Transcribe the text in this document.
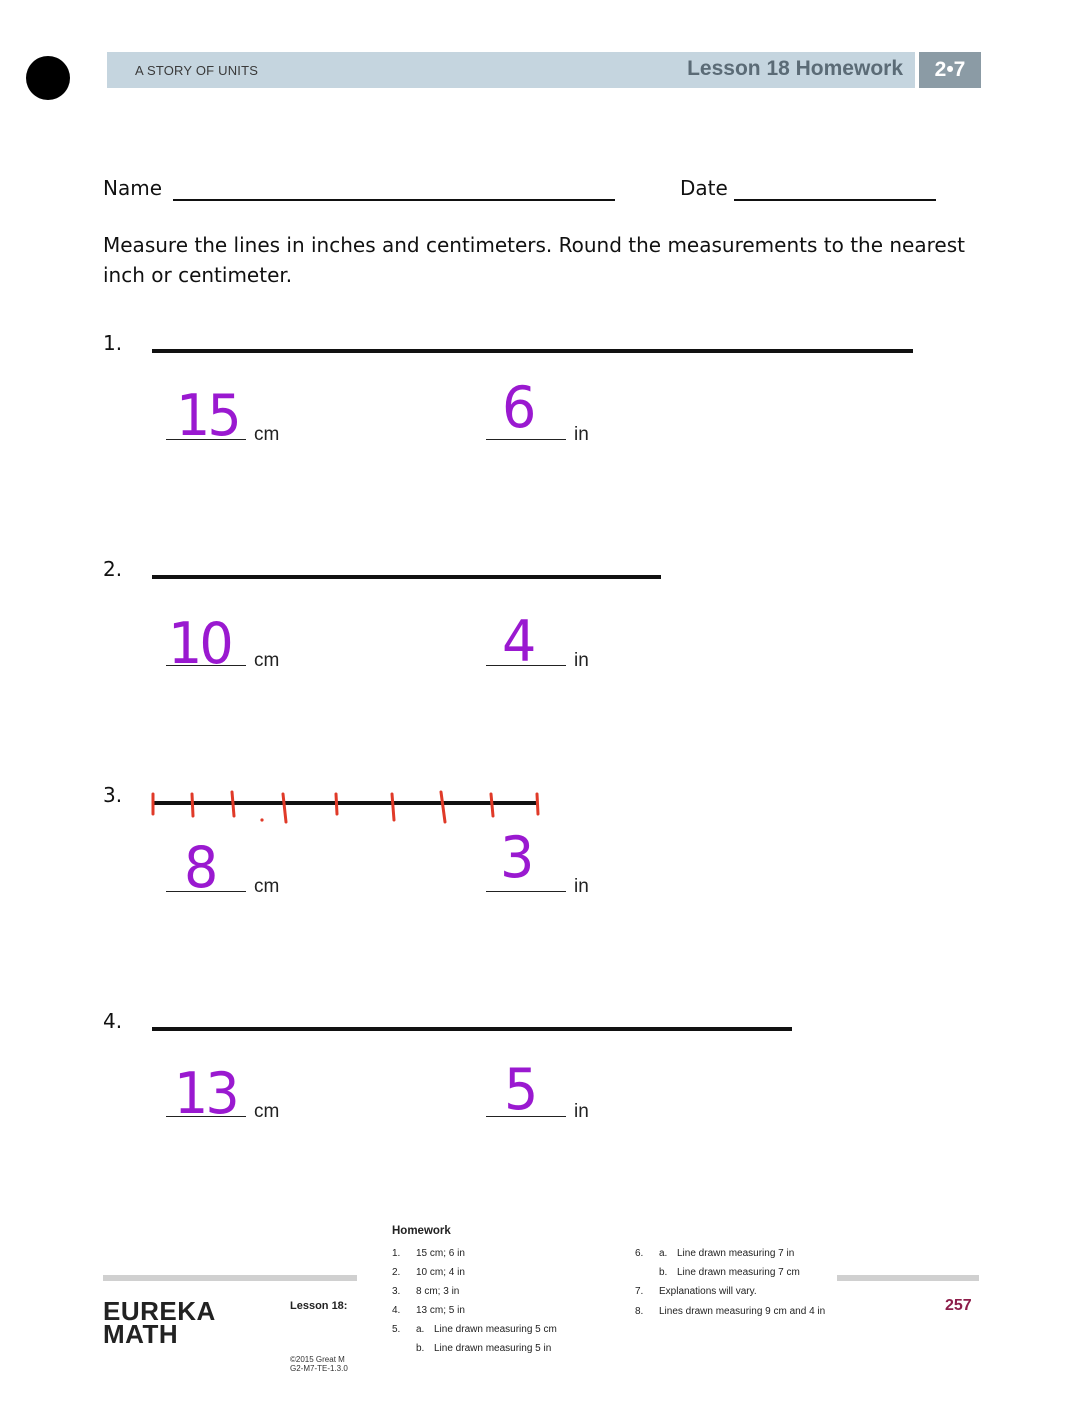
A STORY OF UNITS	Lesson 18 Homework	2•7
Name	Date

Measure the lines in inches and centimeters. Round the measurements to the nearest inch or centimeter.

1.
cm
15	in
6
2.
cm
10	in
4
3.
cm
8	in
3
4.
cm
13	in
5
EUREKA
MATH
Lesson 18:
©2015 Great M
G2-M7-TE-1.3.0
257
Homework
1. 15 cm; 6 in
2. 10 cm; 4 in
3. 8 cm; 3 in
4. 13 cm; 5 in
5. a. Line drawn measuring 5 cm
b. Line drawn measuring 5 in
6. a. Line drawn measuring 7 in
b. Line drawn measuring 7 cm
7. Explanations will vary.
8. Lines drawn measuring 9 cm and 4 in
